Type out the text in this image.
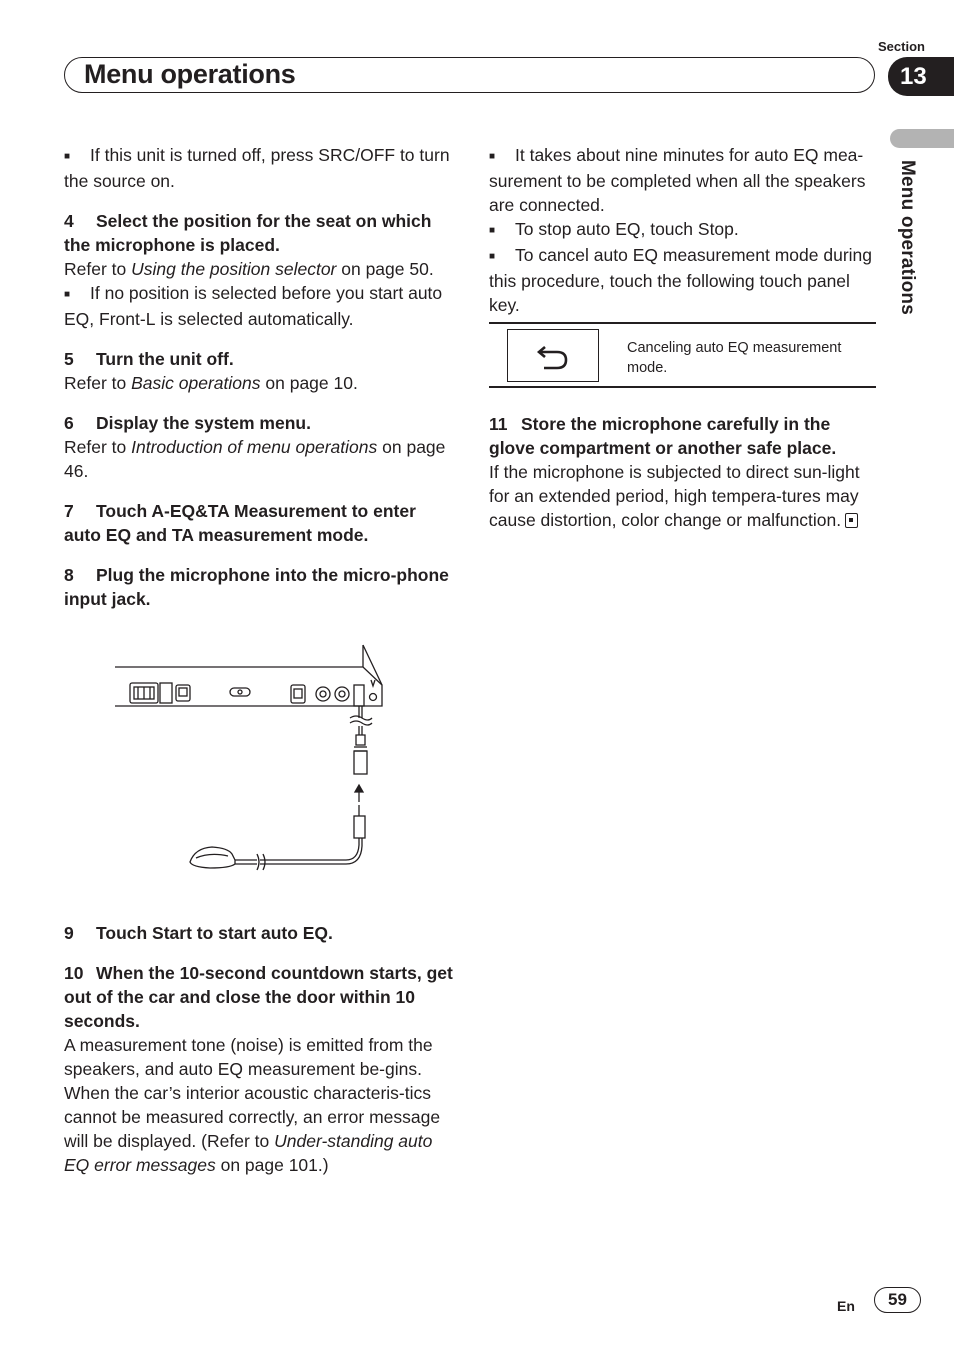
Section
13
Menu operations
Menu operations

■ If this unit is turned off, press SRC/OFF to turn the source on.

4 Select the position for the seat on which the microphone is placed.

Refer to Using the position selector on page 50.

■ If no position is selected before you start auto EQ, Front-L is selected automatically.

5 Turn the unit off.

Refer to Basic operations on page 10.

6 Display the system menu.

Refer to Introduction of menu operations on page 46.

7 Touch A-EQ&TA Measurement to enter auto EQ and TA measurement mode.

8 Plug the microphone into the micro-phone input jack.

9 Touch Start to start auto EQ.

10 When the 10-second countdown starts, get out of the car and close the door within 10 seconds.

A measurement tone (noise) is emitted from the speakers, and auto EQ measurement be-gins.

When the car’s interior acoustic characteris-tics cannot be measured correctly, an error message will be displayed. (Refer to Under-standing auto EQ error messages on page 101.)

■ It takes about nine minutes for auto EQ mea-surement to be completed when all the speakers are connected.

■ To stop auto EQ, touch Stop.

■ To cancel auto EQ measurement mode during this procedure, touch the following touch panel key.

Canceling auto EQ measurement mode.

11 Store the microphone carefully in the glove compartment or another safe place.

If the microphone is subjected to direct sun-light for an extended period, high tempera-tures may cause distortion, color change or malfunction.

En	59
